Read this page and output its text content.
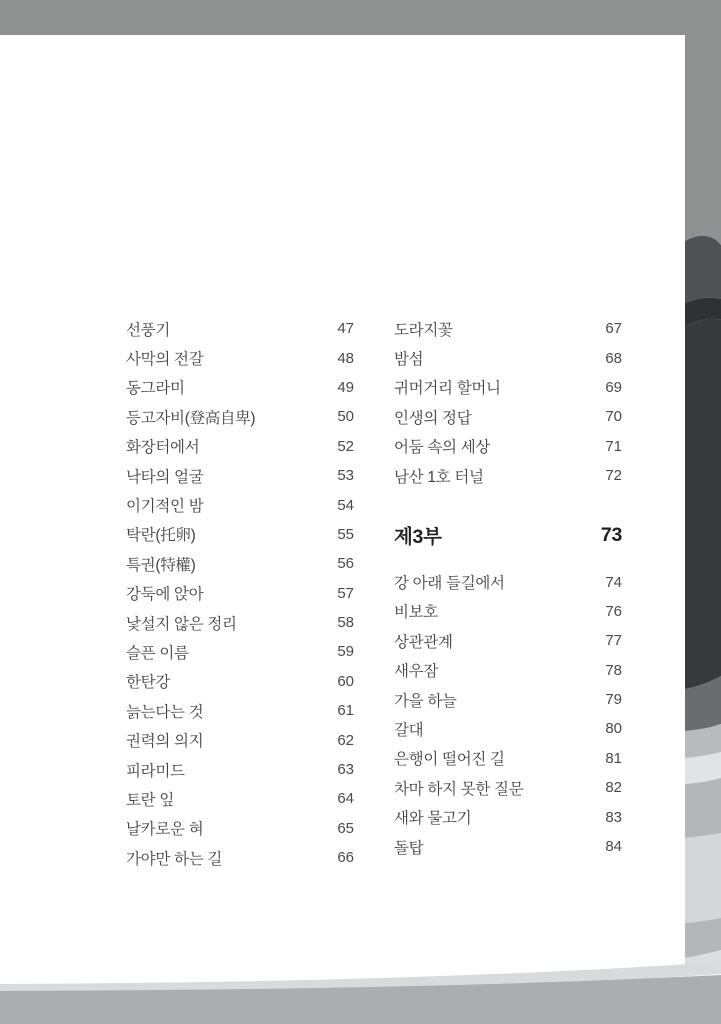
선풍기	47
사막의 전갈	48
동그라미	49
등고자비(登高自卑)	50
화장터에서	52
낙타의 얼굴	53
이기적인 밤	54
탁란(托卵)	55
특권(特權)	56
강둑에 앉아	57
낯설지 않은 정리	58
슬픈 이름	59
한탄강	60
늙는다는 것	61
권력의 의지	62
피라미드	63
토란 잎	64
날카로운 혀	65
가야만 하는 길	66
도라지꽃	67
밤섬	68
귀머거리 할머니	69
인생의 정답	70
어둠 속의 세상	71
남산 1호 터널	72
제3부	73
강 아래 들길에서	74
비보호	76
상관관계	77
새우잠	78
가을 하늘	79
갈대	80
은행이 떨어진 길	81
차마 하지 못한 질문	82
새와 물고기	83
돌탑	84
